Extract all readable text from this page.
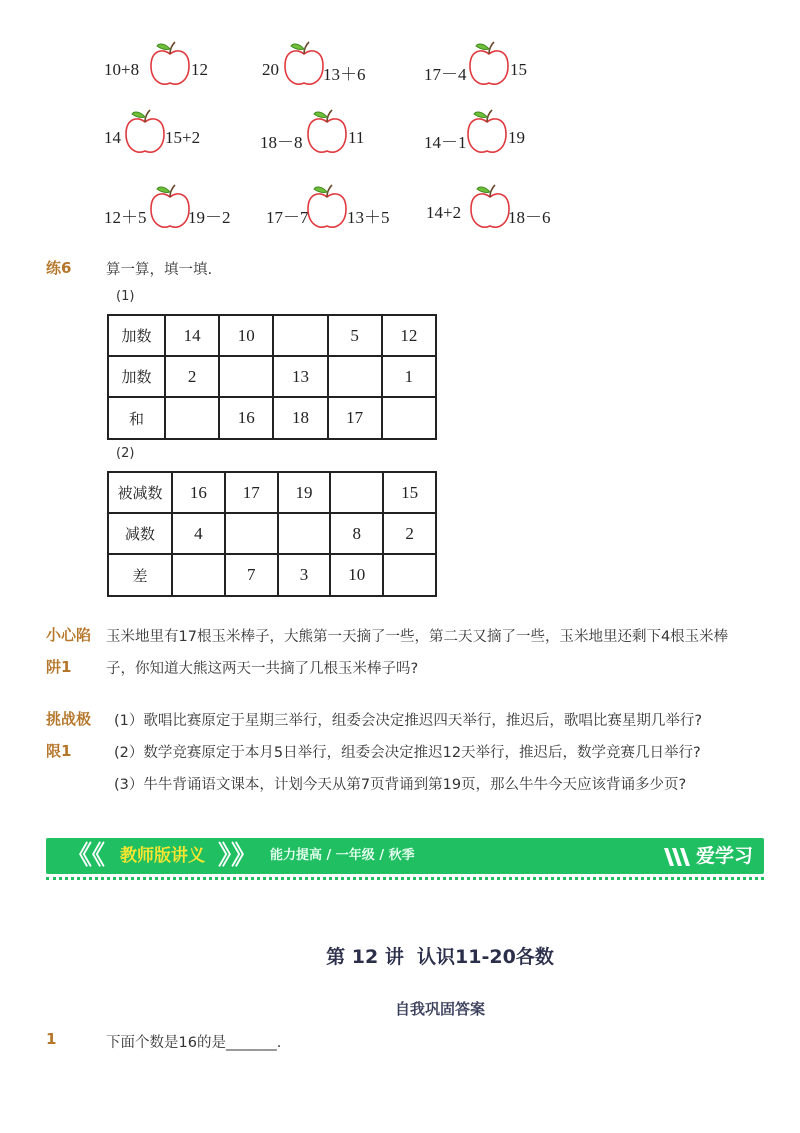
10+8	12	20	13＋6	17－4	15
14	15+2	18－8	11	14－1 19
12＋5 19－2 17－7 13＋5 14+2	18－6
练6 算一算，填一填.
(1)
加数	14	10		5	12
加数	2		13		1
和		16	18	17	
(2)
被减数	16	17	19		15
减数	4			8	2
差		7	3	10	
小心陷
阱1
玉米地里有17根玉米棒子，大熊第一天摘了一些，第二天又摘了一些，玉米地里还剩下4根玉米棒
子，你知道大熊这两天一共摘了几根玉米棒子吗?
挑战极
限1
(1）歌唱比赛原定于星期三举行，组委会决定推迟四天举行，推迟后，歌唱比赛星期几举行?
(2）数学竞赛原定于本月5日举行，组委会决定推迟12天举行，推迟后，数学竞赛几日举行?
(3）牛牛背诵语文课本，计划今天从第7页背诵到第19页，那么牛牛今天应该背诵多少页?
《《 教师版讲义 》》 能力提高 / 一年级 / 秋季	爱学习
第 12 讲  认识11-20各数
自我巩固答案
1	下面个数是16的是_______.
